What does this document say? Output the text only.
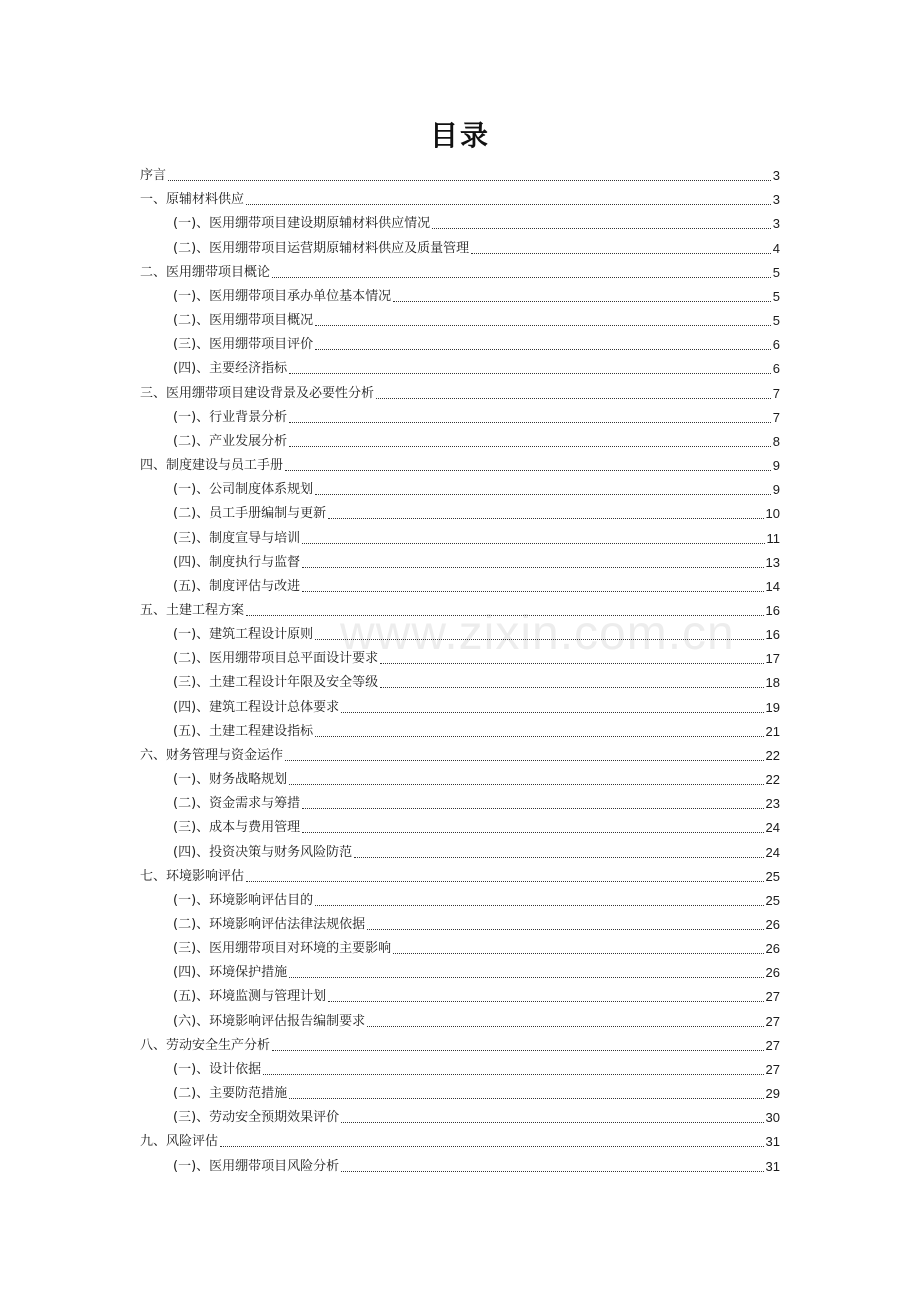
目录
序言	3
一、原辅材料供应	3
(一)、医用绷带项目建设期原辅材料供应情况	3
(二)、医用绷带项目运营期原辅材料供应及质量管理	4
二、医用绷带项目概论	5
(一)、医用绷带项目承办单位基本情况	5
(二)、医用绷带项目概况	5
(三)、医用绷带项目评价	6
(四)、主要经济指标	6
三、医用绷带项目建设背景及必要性分析	7
(一)、行业背景分析	7
(二)、产业发展分析	8
四、制度建设与员工手册	9
(一)、公司制度体系规划	9
(二)、员工手册编制与更新	10
(三)、制度宣导与培训	11
(四)、制度执行与监督	13
(五)、制度评估与改进	14
五、土建工程方案	16
(一)、建筑工程设计原则	16
(二)、医用绷带项目总平面设计要求	17
(三)、土建工程设计年限及安全等级	18
(四)、建筑工程设计总体要求	19
(五)、土建工程建设指标	21
六、财务管理与资金运作	22
(一)、财务战略规划	22
(二)、资金需求与筹措	23
(三)、成本与费用管理	24
(四)、投资决策与财务风险防范	24
七、环境影响评估	25
(一)、环境影响评估目的	25
(二)、环境影响评估法律法规依据	26
(三)、医用绷带项目对环境的主要影响	26
(四)、环境保护措施	26
(五)、环境监测与管理计划	27
(六)、环境影响评估报告编制要求	27
八、劳动安全生产分析	27
(一)、设计依据	27
(二)、主要防范措施	29
(三)、劳动安全预期效果评价	30
九、风险评估	31
(一)、医用绷带项目风险分析	31
www.zixin.com.cn
